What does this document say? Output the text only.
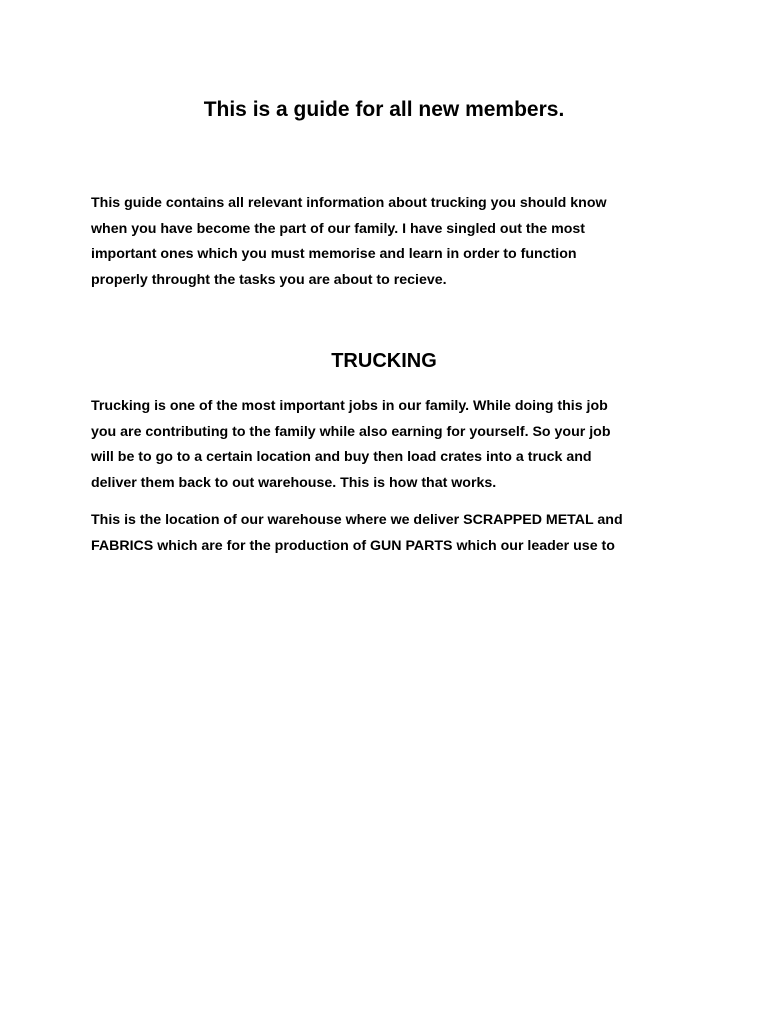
This is a guide for all new members.
This guide contains all relevant information about trucking you should know
when you have become the part of our family. I have singled out the most
important ones which you must memorise and learn in order to function
properly throught the tasks you are about to recieve.
TRUCKING
Trucking is one of the most important jobs in our family. While doing this job
you are contributing to the family while also earning for yourself. So your job
will be to go to a certain location and buy then load crates into a truck and
deliver them back to out warehouse. This is how that works.
This is the location of our warehouse where we deliver SCRAPPED METAL and
FABRICS which are for the production of GUN PARTS which our leader use to
